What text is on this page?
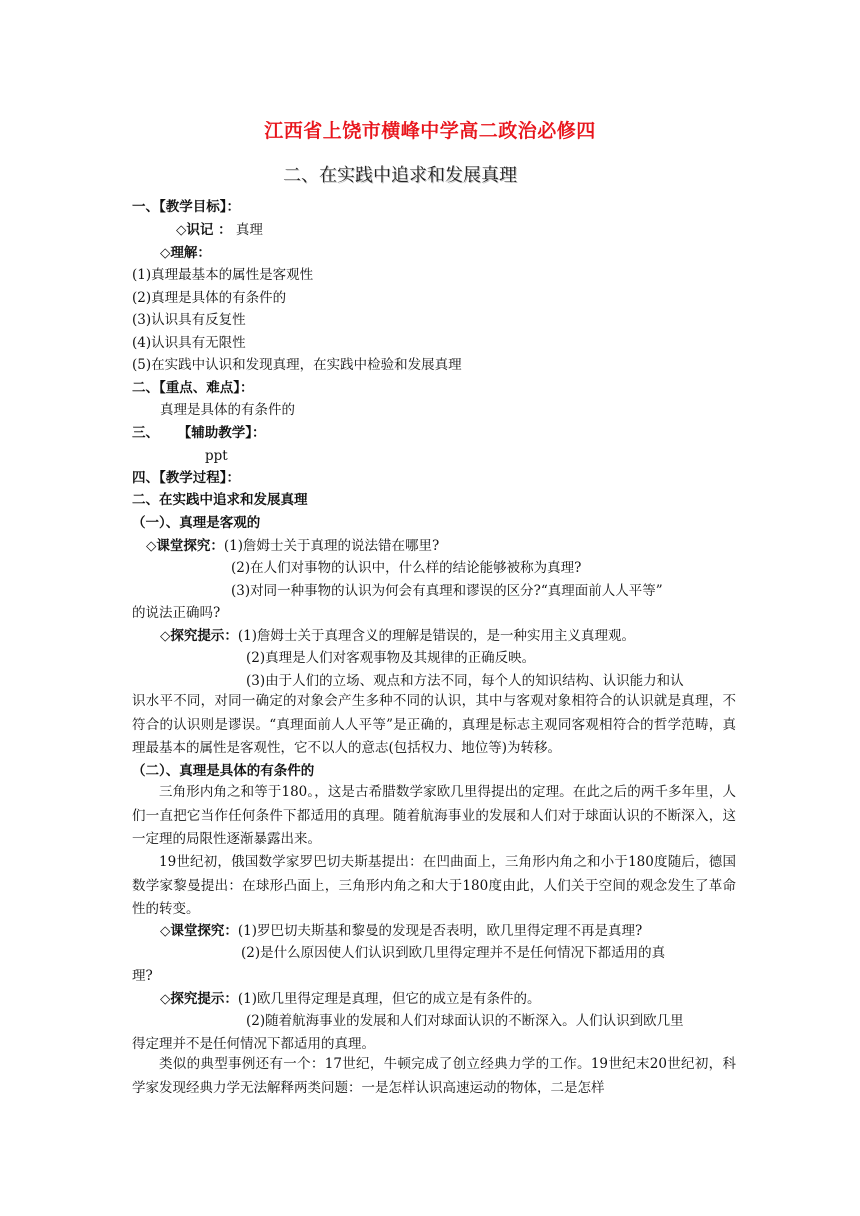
江西省上饶市横峰中学高二政治必修四
二、在实践中追求和发展真理
一、【教学目标】：
◇识记 ： 真理
◇理解：
(1)真理最基本的属性是客观性
(2)真理是具体的有条件的
(3)认识具有反复性
(4)认识具有无限性
(5)在实践中认识和发现真理，在实践中检验和发展真理
二、【重点、难点】：
真理是具体的有条件的
三、 【辅助教学】：
ppt
四、【教学过程】：
二、在实践中追求和发展真理
（一）、真理是客观的
◇课堂探究：(1)詹姆士关于真理的说法错在哪里?
(2)在人们对事物的认识中，什么样的结论能够被称为真理?
(3)对同一种事物的认识为何会有真理和谬误的区分?“真理面前人人平等”
的说法正确吗?
◇探究提示：(1)詹姆士关于真理含义的理解是错误的，是一种实用主义真理观。
(2)真理是人们对客观事物及其规律的正确反映。
(3)由于人们的立场、观点和方法不同，每个人的知识结构、认识能力和认
识水平不同，对同一确定的对象会产生多种不同的认识，其中与客观对象相符合的认识就是真理，不符合的认识则是谬误。“真理面前人人平等”是正确的，真理是标志主观同客观相符合的哲学范畴，真理最基本的属性是客观性，它不以人的意志(包括权力、地位等)为转移。
（二）、真理是具体的有条件的
三角形内角之和等于180。，这是古希腊数学家欧几里得提出的定理。在此之后的两千多年里，人们一直把它当作任何条件下都适用的真理。随着航海事业的发展和人们对于球面认识的不断深入，这一定理的局限性逐渐暴露出来。
19世纪初，俄国数学家罗巴切夫斯基提出：在凹曲面上，三角形内角之和小于180度随后，德国数学家黎曼提出：在球形凸面上，三角形内角之和大于180度由此，人们关于空间的观念发生了革命性的转变。
◇课堂探究：(1)罗巴切夫斯基和黎曼的发现是否表明，欧几里得定理不再是真理?
(2)是什么原因使人们认识到欧几里得定理并不是任何情况下都适用的真
理?
◇探究提示：(1)欧几里得定理是真理，但它的成立是有条件的。
(2)随着航海事业的发展和人们对球面认识的不断深入。人们认识到欧几里
得定理并不是任何情况下都适用的真理。
类似的典型事例还有一个：17世纪，牛顿完成了创立经典力学的工作。19世纪末20世纪初，科学家发现经典力学无法解释两类问题：一是怎样认识高速运动的物体，二是怎样
